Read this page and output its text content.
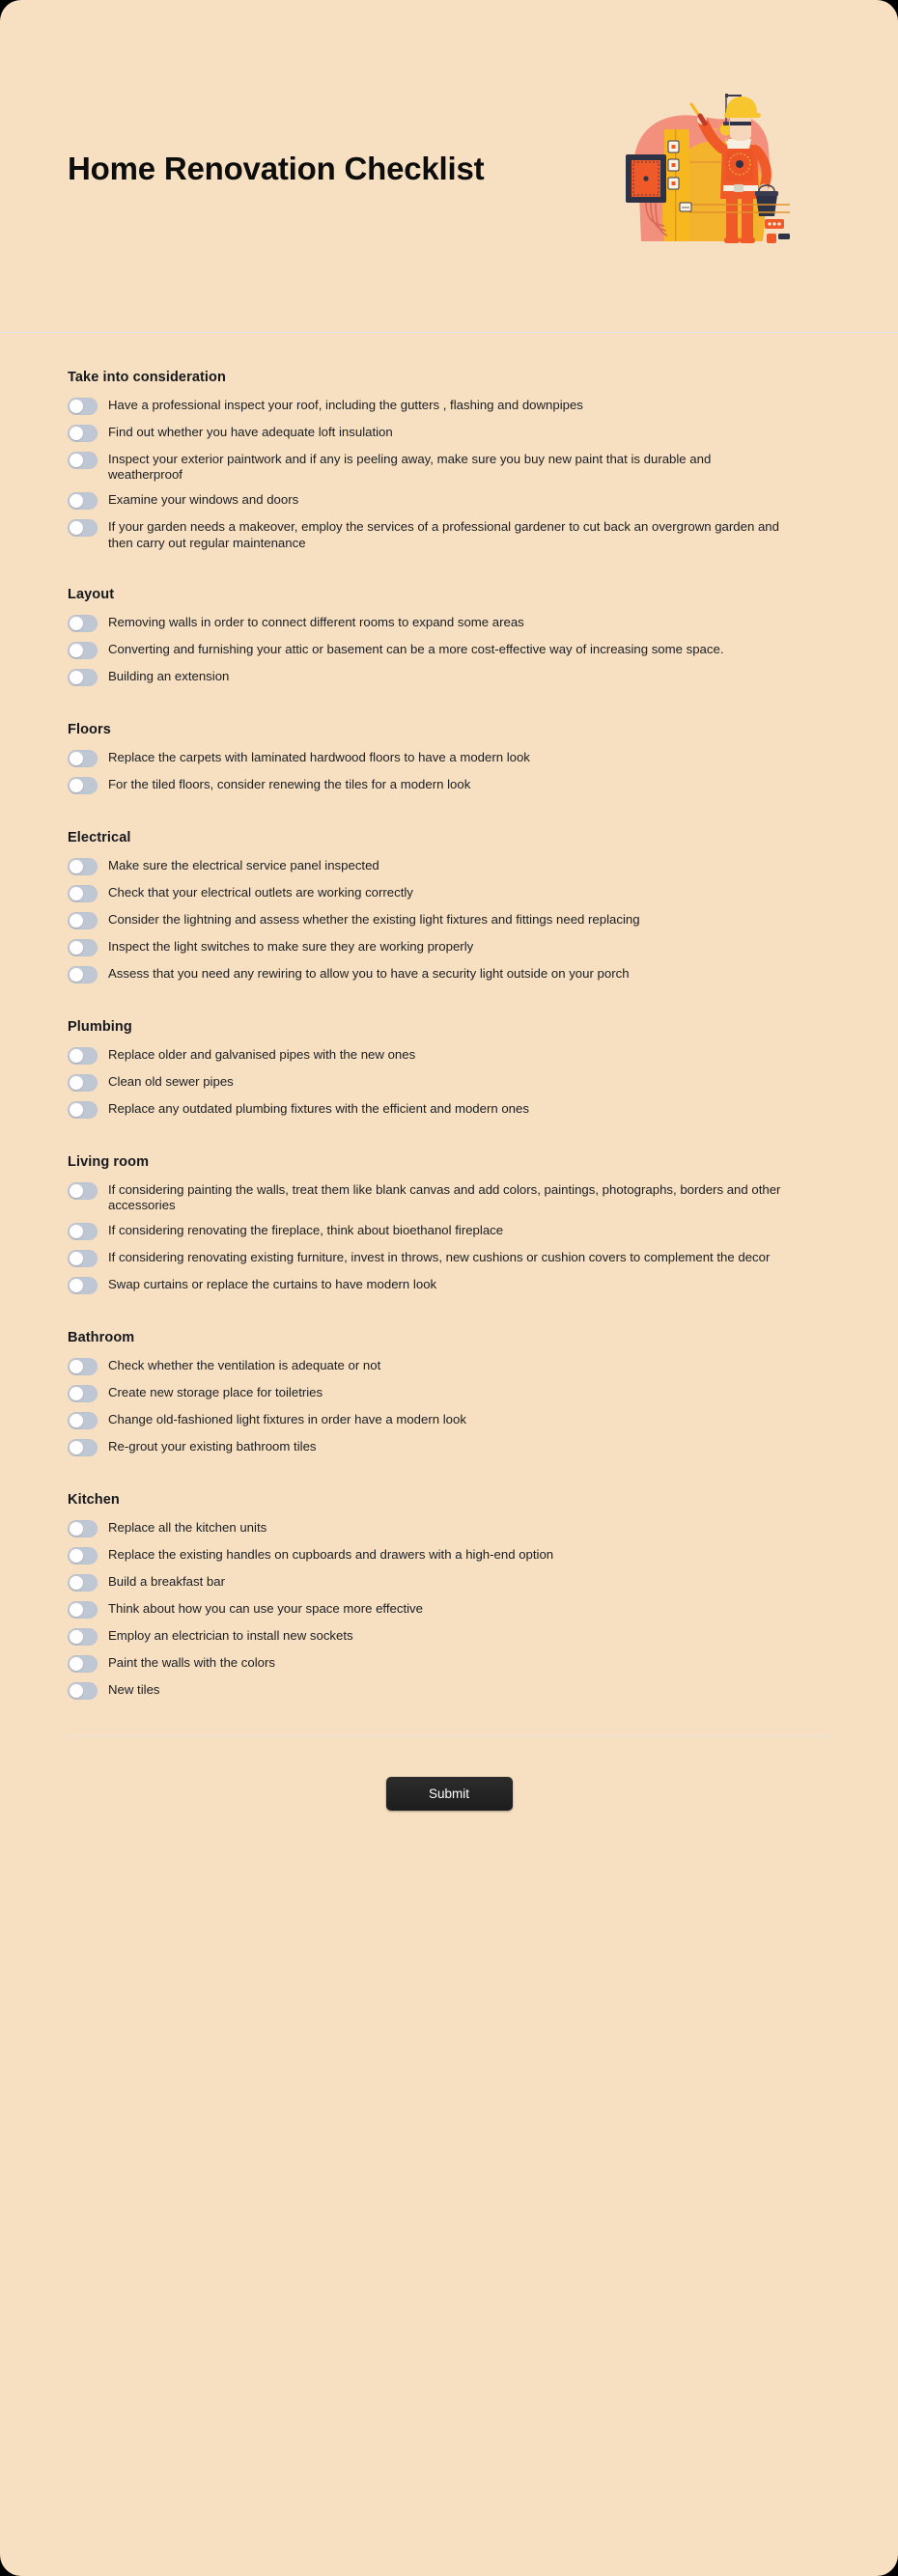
Home Renovation Checklist
Take into consideration
Have a professional inspect your roof, including the gutters , flashing and downpipes
Find out whether you have adequate loft insulation
Inspect your exterior paintwork and if any is peeling away, make sure you buy new paint that is durable and weatherproof
Examine your windows and doors
If your garden needs a makeover, employ the services of a professional gardener to cut back an overgrown garden and then carry out regular maintenance
Layout
Removing walls in order to connect different rooms to expand some areas
Converting and furnishing your attic or basement can be a more cost-effective way of increasing some space.
Building an extension
Floors
Replace the carpets with laminated hardwood floors to have a modern look
For the tiled floors, consider renewing the tiles for a modern look
Electrical
Make sure the electrical service panel inspected
Check that your electrical outlets are working correctly
Consider the lightning and assess whether the existing light fixtures and fittings need replacing
Inspect the light switches to make sure they are working properly
Assess that you need any rewiring to allow you to have a security light outside on your porch
Plumbing
Replace older and galvanised pipes with the new ones
Clean old sewer pipes
Replace any outdated plumbing fixtures with the efficient and modern ones
Living room
If considering painting the walls, treat them like blank canvas and add colors, paintings, photographs, borders and other accessories
If considering renovating the fireplace, think about bioethanol fireplace
If considering renovating existing furniture, invest in throws, new cushions or cushion covers to complement the decor
Swap curtains or replace the curtains to have modern look
Bathroom
Check whether the ventilation is adequate or not
Create new storage place for toiletries
Change old-fashioned light fixtures in order have a modern look
Re-grout your existing bathroom tiles
Kitchen
Replace all the kitchen units
Replace the existing handles on cupboards and drawers with a high-end option
Build a breakfast bar
Think about how you can use your space more effective
Employ an electrician to install new sockets
Paint the walls with the colors
New tiles
Submit
